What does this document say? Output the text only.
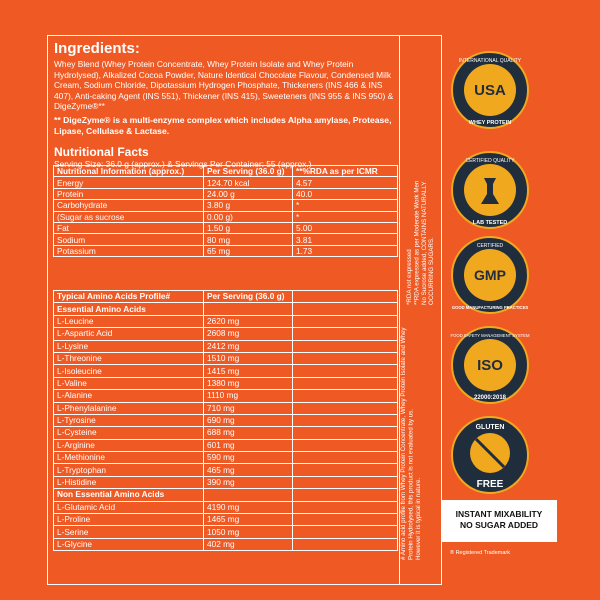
Ingredients:

Whey Blend (Whey Protein Concentrate, Whey Protein Isolate and Whey Protein Hydrolysed), Alkalized Cocoa Powder, Nature Identical Chocolate Flavour, Condensed Milk Cream, Sodium Chloride, Dipotassium Hydrogen Phosphate, Thickeners (INS 466 & INS 407), Anti-caking Agent (INS 551), Thickener (INS 415), Sweeteners (INS 955 & INS 950) & DigeZyme®**

** DigeZyme® is a multi-enzyme complex which includes Alpha amylase, Protease, Lipase, Cellulase & Lactase.

Nutritional Facts

Serving Size: 36.0 g (approx.) & Servings Per Container: 55 (approx.)

Nutritional Information (approx.)	Per Serving (36.0 g)	**%RDA as per ICMR
Energy	124.70 kcal	4.57
Protein	24.00 g	40.0
Carbohydrate	3.80 g	*
(Sugar as sucrose	0.00 g)	*
Fat	1.50 g	5.00
Sodium	80 mg	3.81
Potassium	65 mg	1.73
*RDA not expressed
**RDA expressed as per Moderate Work Men
No Sucrose added, CONTAINS NATURALLY OCCURRING SUGARS.
Typical Amino Acids Profile#	Per Serving (36.0 g)	
Essential Amino Acids		
L-Leucine	2620 mg	
L-Aspartic Acid	2608 mg	
L-Lysine	2412 mg	
L-Threonine	1510 mg	
L-Isoleucine	1415 mg	
L-Valine	1380 mg	
L-Alanine	1110 mg	
L-Phenylalanine	710 mg	
L-Tyrosine	690 mg	
L-Cysteine	688 mg	
L-Arginine	601 mg	
L-Methionine	590 mg	
L-Tryptophan	465 mg	
L-Histidine	390 mg	
Non Essential Amino Acids		
L-Glutamic Acid	4190 mg	
L-Proline	1465 mg	
L-Serine	1050 mg	
L-Glycine	402 mg	
# Amino acid profile from Whey Protein Concentrate, Whey Protein Isolate and Whey
Protein Hydrolysed, this product is not evaluated by us.
However it is typical in nature.
USA
INTERNATIONAL QUALITY
WHEY PROTEIN
CERTIFIED QUALITY
LAB TESTED
GMP
CERTIFIED
GOOD MANUFACTURING PRACTICES
ISO
FOOD SAFETY MANAGEMENT SYSTEM
22000:2018
GLUTEN
FREE
INSTANT MIXABILITY
NO SUGAR ADDED
® Registered Trademark
